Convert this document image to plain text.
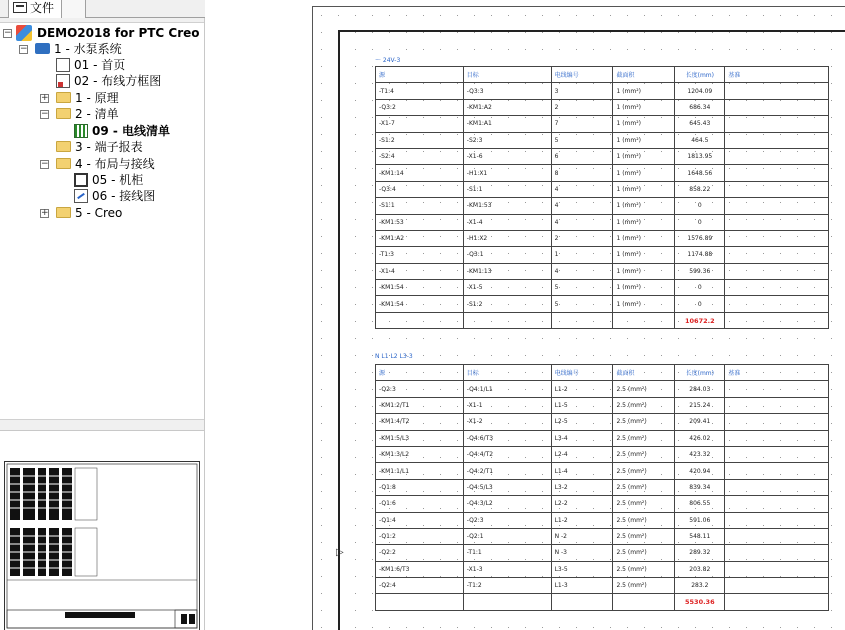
文件
−	DEMO2018 for PTC Creo
−	1 - 水泵系统
01 - 首页
02 - 布线方框图
+	1 - 原理
−	2 - 清单
09 - 电线清单
3 - 端子报表
−	4 - 布局与接线
05 - 机柜
06 - 接线图
+	5 - Creo
▷
～ 24V-3
源	目标	电线编号	截面积	长度(mm)	基准
-T1:4	-Q3:3	3	1 (mm²)	1204.09	
-Q3:2	-KM1:A2	2	1 (mm²)	686.34	
-X1-7	-KM1:A1	7	1 (mm²)	645.43	
-S1:2	-S2:3	5	1 (mm²)	464.5	
-S2:4	-X1-6	6	1 (mm²)	1813.95	
-KM1:14	-H1:X1	8	1 (mm²)	1648.56	
-Q3:4	-S1:1	4	1 (mm²)	858.22	
-S1:1	-KM1:53	4	1 (mm²)	0	
-KM1:53	-X1-4	4	1 (mm²)	0	
-KM1:A2	-H1:X2	2	1 (mm²)	1576.89	
-T1:3	-Q3:1	1	1 (mm²)	1174.88	
-X1-4	-KM1:13	4	1 (mm²)	599.36	
-KM1:54	-X1-5	5	1 (mm²)	0	
-KM1:54	-S1:2	5	1 (mm²)	0	
				10672.2	
N L1 L2 L3-3
源	目标	电线编号	截面积	长度(mm)	基准
-Q2:3	-Q4:1/L1	L1-2	2.5 (mm²)	284.03	
-KM1:2/T1	-X1-1	L1-5	2.5 (mm²)	215.24	
-KM1:4/T2	-X1-2	L2-5	2.5 (mm²)	209.41	
-KM1:5/L3	-Q4:6/T3	L3-4	2.5 (mm²)	426.02	
-KM1:3/L2	-Q4:4/T2	L2-4	2.5 (mm²)	423.32	
-KM1:1/L1	-Q4:2/T1	L1-4	2.5 (mm²)	420.94	
-Q1:8	-Q4:5/L3	L3-2	2.5 (mm²)	839.34	
-Q1:6	-Q4:3/L2	L2-2	2.5 (mm²)	806.55	
-Q1:4	-Q2:3	L1-2	2.5 (mm²)	591.06	
-Q1:2	-Q2:1	N -2	2.5 (mm²)	548.11	
-Q2:2	-T1:1	N -3	2.5 (mm²)	289.32	
-KM1:6/T3	-X1-3	L3-5	2.5 (mm²)	203.82	
-Q2:4	-T1:2	L1-3	2.5 (mm²)	283.2	
				5530.36	
